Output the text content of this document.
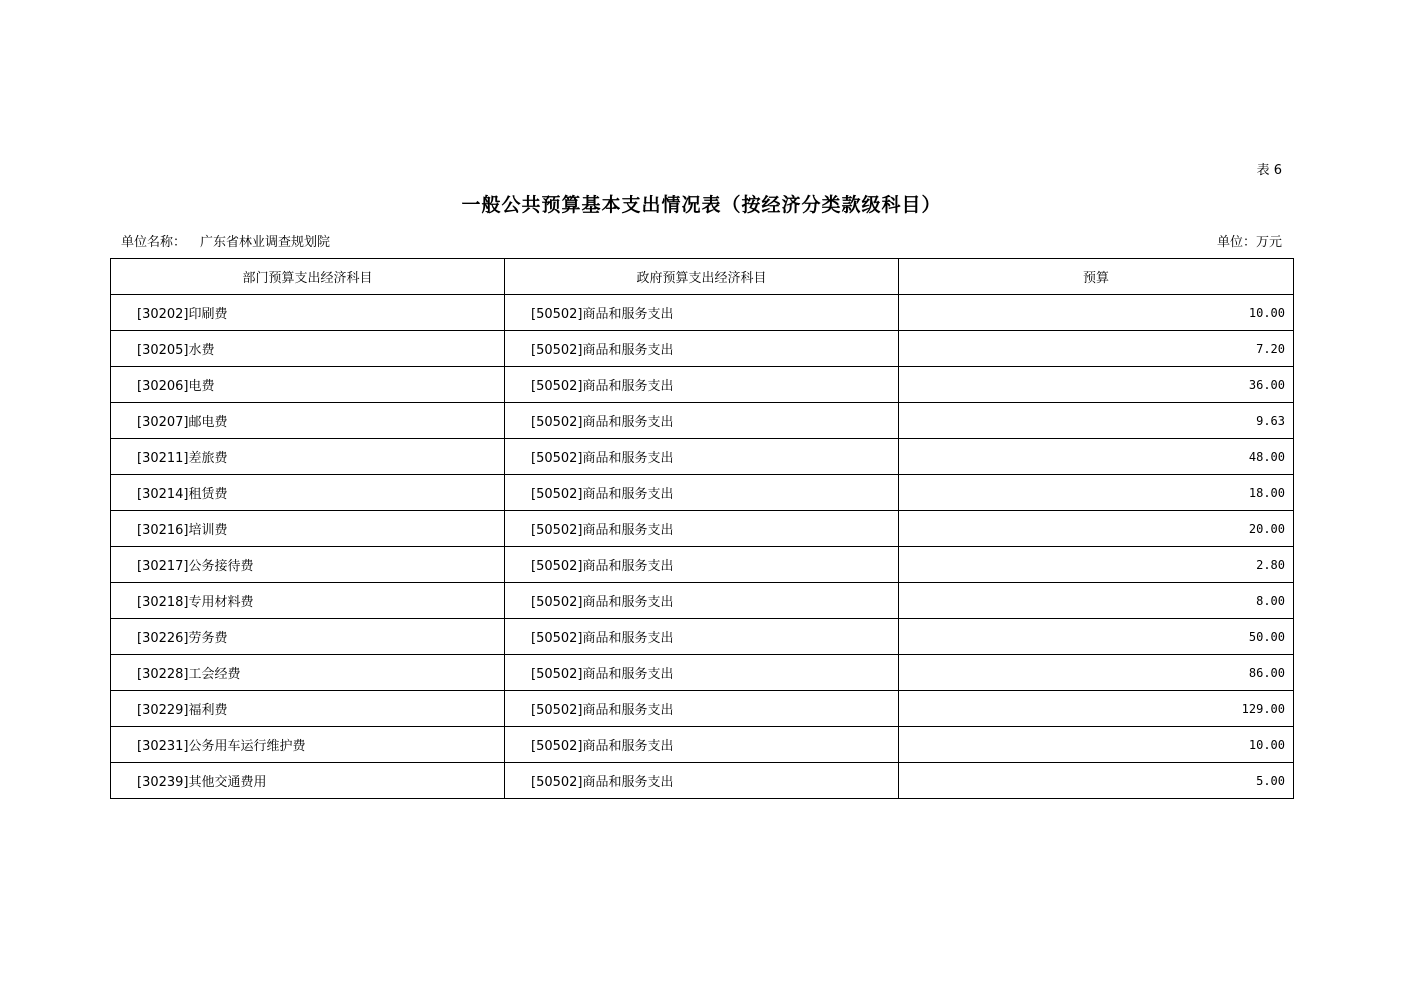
表 6
一般公共预算基本支出情况表（按经济分类款级科目）
单位名称： 广东省林业调查规划院	单位：万元
部门预算支出经济科目	政府预算支出经济科目	预算
[30202]印刷费	[50502]商品和服务支出	10.00
[30205]水费	[50502]商品和服务支出	7.20
[30206]电费	[50502]商品和服务支出	36.00
[30207]邮电费	[50502]商品和服务支出	9.63
[30211]差旅费	[50502]商品和服务支出	48.00
[30214]租赁费	[50502]商品和服务支出	18.00
[30216]培训费	[50502]商品和服务支出	20.00
[30217]公务接待费	[50502]商品和服务支出	2.80
[30218]专用材料费	[50502]商品和服务支出	8.00
[30226]劳务费	[50502]商品和服务支出	50.00
[30228]工会经费	[50502]商品和服务支出	86.00
[30229]福利费	[50502]商品和服务支出	129.00
[30231]公务用车运行维护费	[50502]商品和服务支出	10.00
[30239]其他交通费用	[50502]商品和服务支出	5.00
